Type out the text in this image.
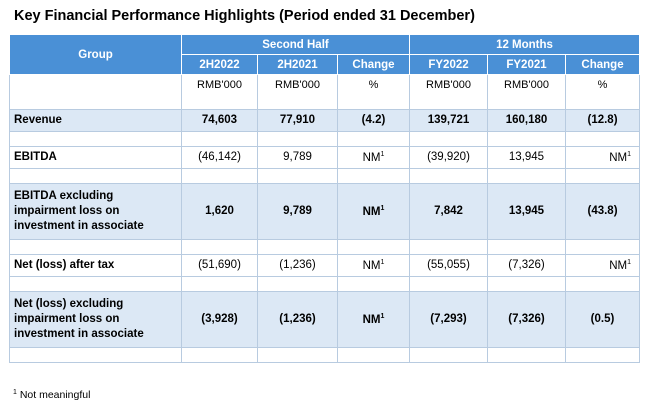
Key Financial Performance Highlights (Period ended 31 December)
Group	Second Half			12 Months		
	2H2022	2H2021	Change	FY2022	FY2021	Change
	RMB'000	RMB'000	%	RMB'000	RMB'000	%

Revenue	74,603	77,910	(4.2)	139,721	160,180	(12.8)

EBITDA	(46,142)	9,789	$NM^1$	(39,920)	13,945	$NM^1$

EBITDA excluding impairment loss on investment in associate	1,620	9,789	$NM^1$	7,842	13,945	(43.8)

Net (loss) after tax	(51,690)	(1,236)	$NM^1$	(55,055)	(7,326)	$NM^1$

Net (loss) excluding impairment loss on investment in associate	(3,928)	(1,236)	$NM^1$	(7,293)	(7,326)	(0.5)

$^1$ Not meaningful
